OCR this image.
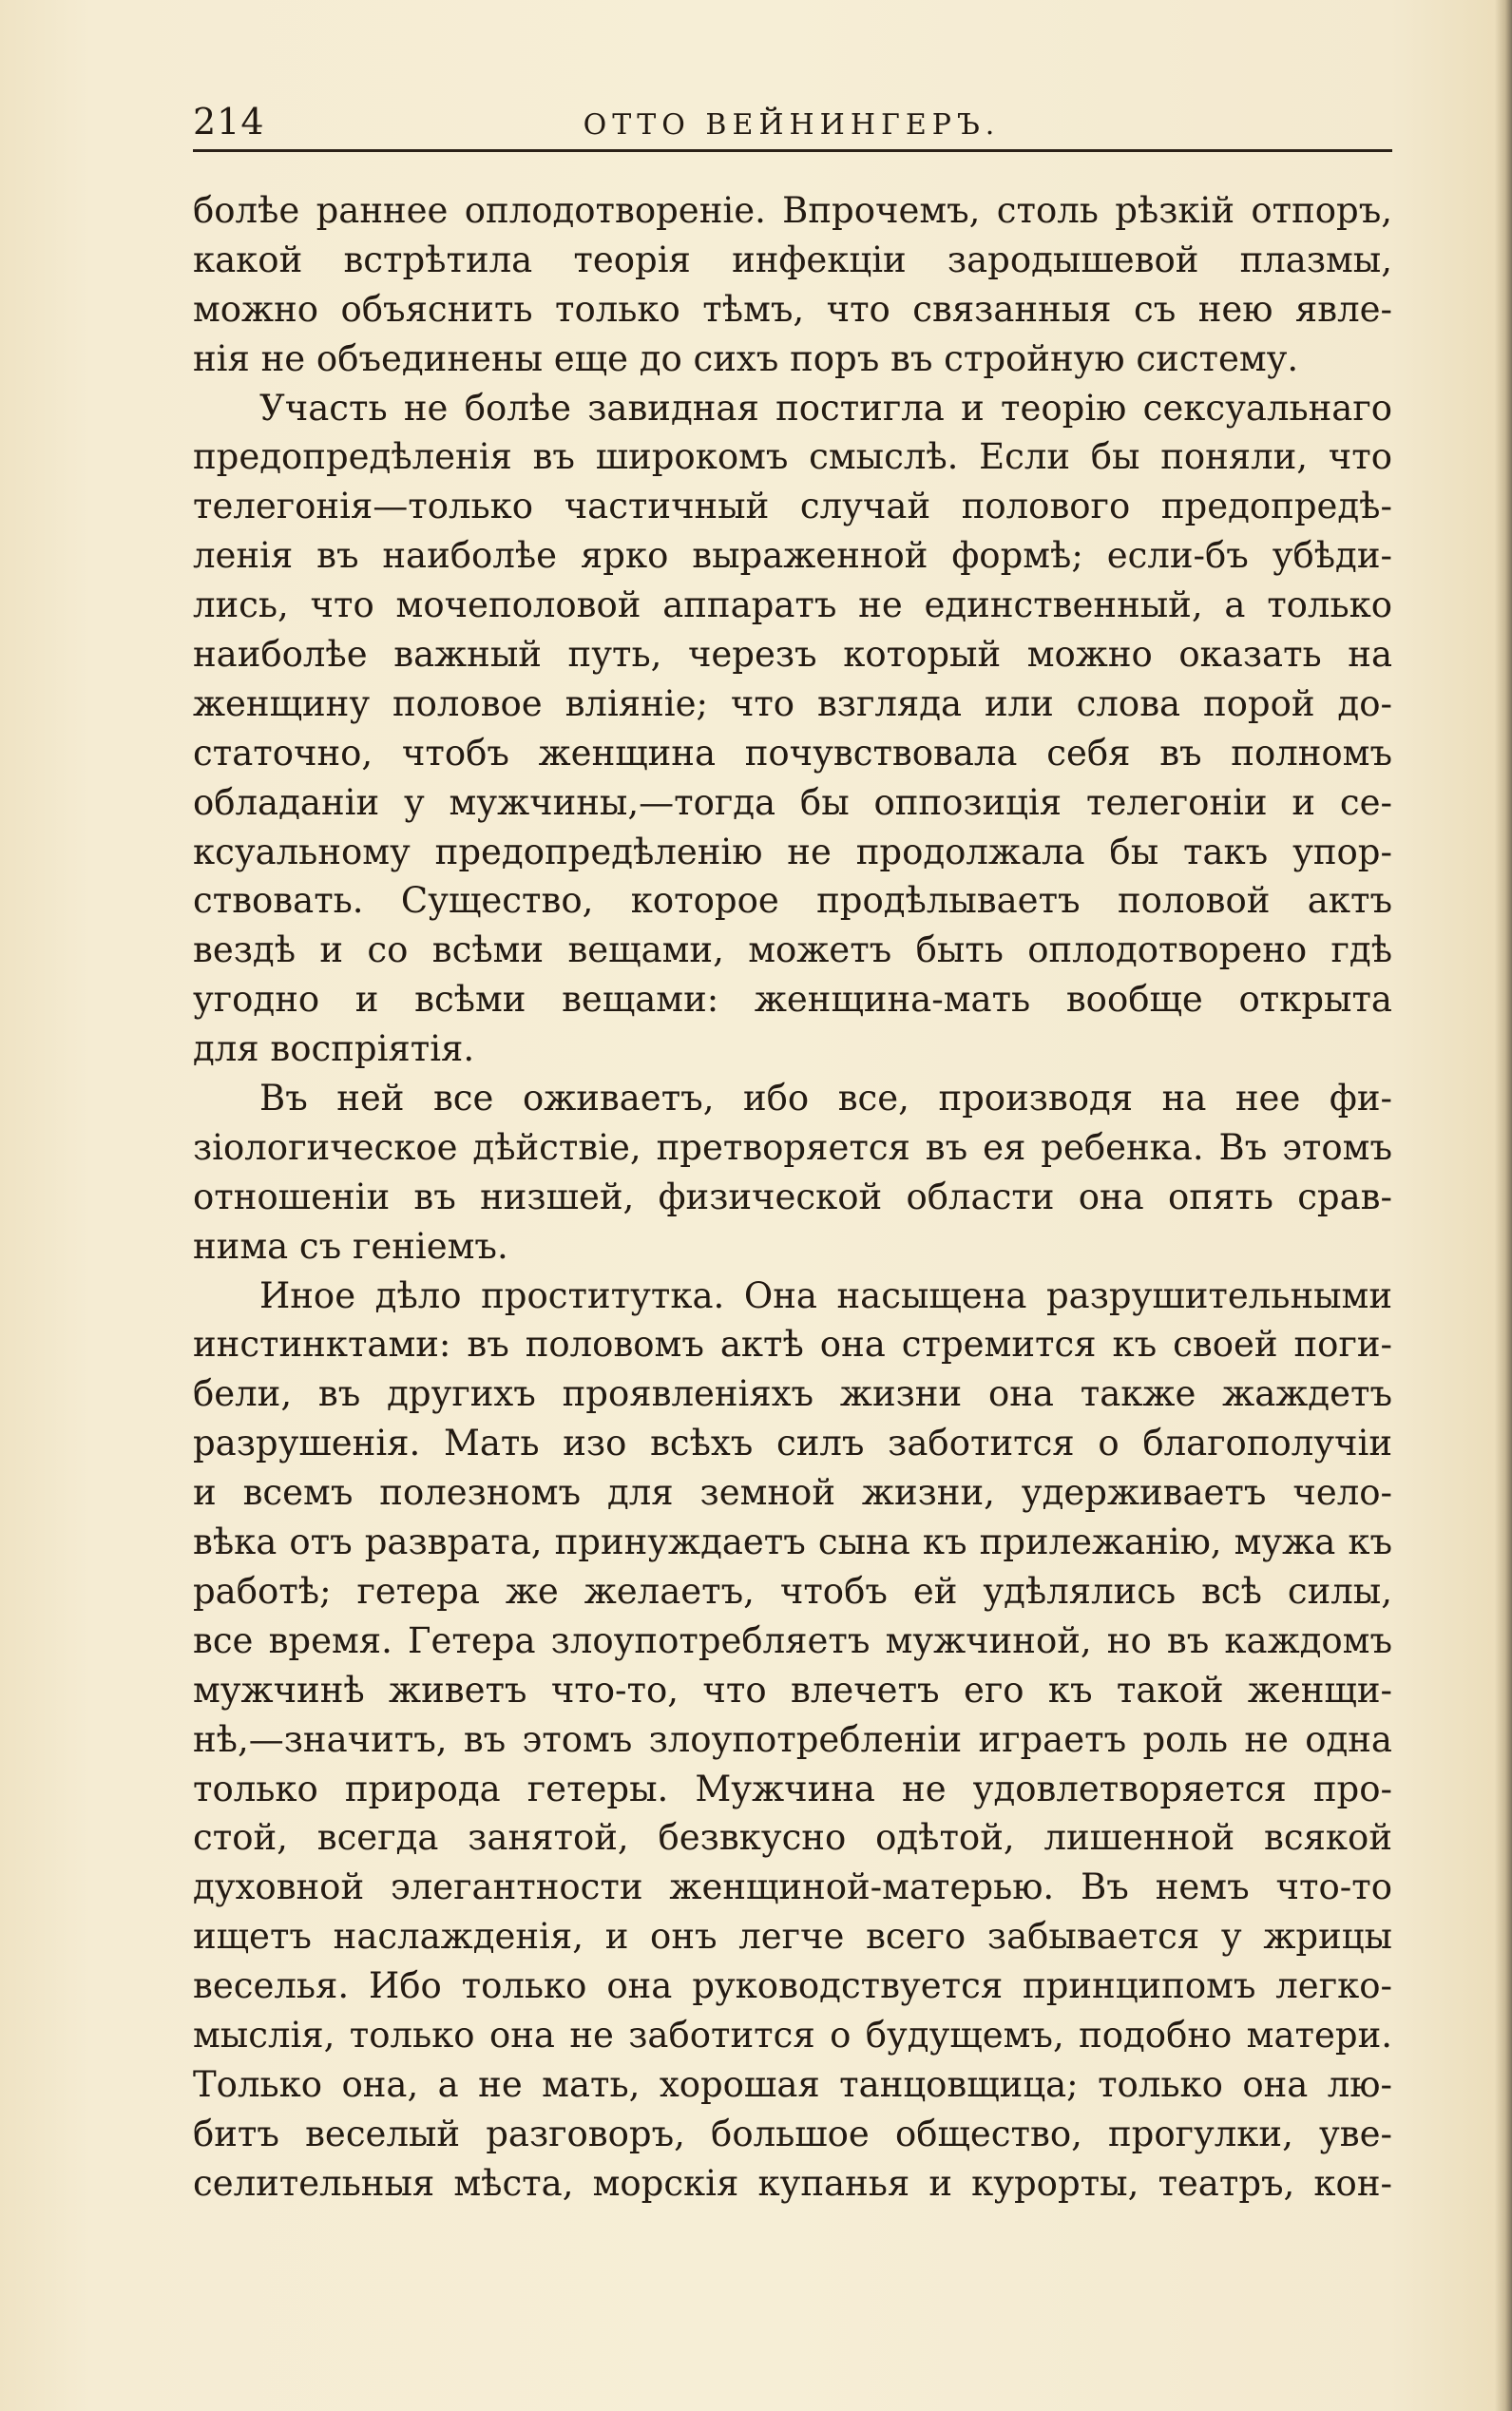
214	ОТТО ВЕЙНИНГЕРЪ.
болѣе раннее оплодотвореніе. Впрочемъ, столь рѣзкій отпоръ,
какой встрѣтила теорія инфекціи зародышевой плазмы,
можно объяснить только тѣмъ, что связанныя съ нею явле-
нія не объединены еще до сихъ поръ въ стройную систему.
Участь не болѣе завидная постигла и теорію сексуальнаго
предопредѣленія въ широкомъ смыслѣ. Если бы поняли, что
телегонія—только частичный случай полового предопредѣ-
ленія въ наиболѣе ярко выраженной формѣ; если-бъ убѣди-
лись, что мочеполовой аппаратъ не единственный, а только
наиболѣе важный путь, черезъ который можно оказать на
женщину половое вліяніе; что взгляда или слова порой до-
статочно, чтобъ женщина почувствовала себя въ полномъ
обладаніи у мужчины,—тогда бы оппозиція телегоніи и се-
ксуальному предопредѣленію не продолжала бы такъ упор-
ствовать. Существо, которое продѣлываетъ половой актъ
вездѣ и со всѣми вещами, можетъ быть оплодотворено гдѣ
угодно и всѣми вещами: женщина-мать вообще открыта
для воспріятія.
Въ ней все оживаетъ, ибо все, производя на нее фи-
зіологическое дѣйствіе, претворяется въ ея ребенка. Въ этомъ
отношеніи въ низшей, физической области она опять срав-
нима съ геніемъ.
Иное дѣло проститутка. Она насыщена разрушительными
инстинктами: въ половомъ актѣ она стремится къ своей поги-
бели, въ другихъ проявленіяхъ жизни она также жаждетъ
разрушенія. Мать изо всѣхъ силъ заботится о благополучіи
и всемъ полезномъ для земной жизни, удерживаетъ чело-
вѣка отъ разврата, принуждаетъ сына къ прилежанію, мужа къ
работѣ; гетера же желаетъ, чтобъ ей удѣлялись всѣ силы,
все время. Гетера злоупотребляетъ мужчиной, но въ каждомъ
мужчинѣ живетъ что-то, что влечетъ его къ такой женщи-
нѣ,—значитъ, въ этомъ злоупотребленіи играетъ роль не одна
только природа гетеры. Мужчина не удовлетворяется про-
стой, всегда занятой, безвкусно одѣтой, лишенной всякой
духовной элегантности женщиной-матерью. Въ немъ что-то
ищетъ наслажденія, и онъ легче всего забывается у жрицы
веселья. Ибо только она руководствуется принципомъ легко-
мыслія, только она не заботится о будущемъ, подобно матери.
Только она, а не мать, хорошая танцовщица; только она лю-
битъ веселый разговоръ, большое общество, прогулки, уве-
селительныя мѣста, морскія купанья и курорты, театръ, кон-
